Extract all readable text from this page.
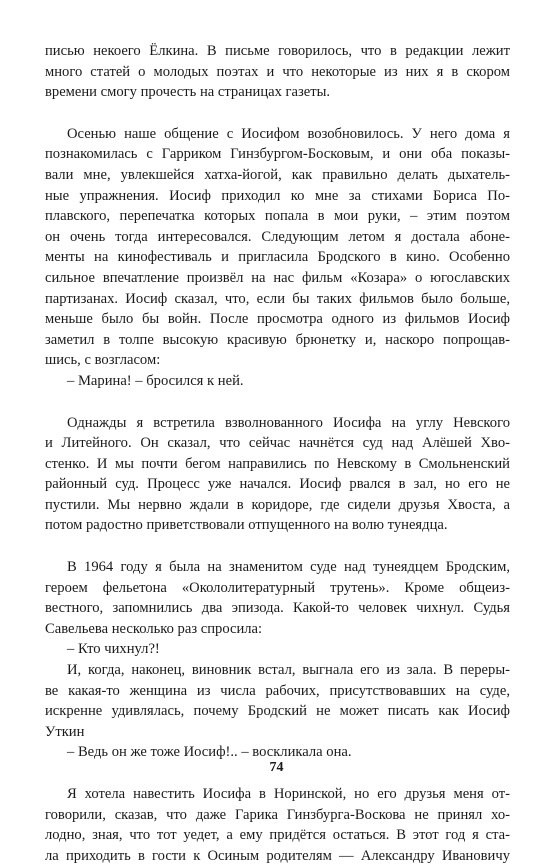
писью некоего Ёлкина. В письме говорилось, что в редакции лежит
много статей о молодых поэтах и что некоторые из них я в скором
времени смогу прочесть на страницах газеты.
Осенью наше общение с Иосифом возобновилось. У него дома я
познакомилась с Гарриком Гинзбургом-Босковым, и они оба показы-
вали мне, увлекшейся хатха-йогой, как правильно делать дыхатель-
ные упражнения. Иосиф приходил ко мне за стихами Бориса По-
плавского, перепечатка которых попала в мои руки, – этим поэтом
он очень тогда интересовался. Следующим летом я достала абоне-
менты на кинофестиваль и пригласила Бродского в кино. Особенно
сильное впечатление произвёл на нас фильм «Козара» о югославских
партизанах. Иосиф сказал, что, если бы таких фильмов было больше,
меньше было бы войн. После просмотра одного из фильмов Иосиф
заметил в толпе высокую красивую брюнетку и, наскоро попрощав-
шись, с возгласом:
– Марина! – бросился к ней.
Однажды я встретила взволнованного Иосифа на углу Невского
и Литейного. Он сказал, что сейчас начнётся суд над Алёшей Хво-
стенко. И мы почти бегом направились по Невскому в Смольненский
районный суд. Процесс уже начался. Иосиф рвался в зал, но его не
пустили. Мы нервно ждали в коридоре, где сидели друзья Хвоста, а
потом радостно приветствовали отпущенного на волю тунеядца.
В 1964 году я была на знаменитом суде над тунеядцем Бродским,
героем фельетона «Окололитературный трутень». Кроме общеиз-
вестного, запомнились два эпизода. Какой-то человек чихнул. Судья
Савельева несколько раз спросила:
– Кто чихнул?!
И, когда, наконец, виновник встал, выгнала его из зала. В переры-
ве какая-то женщина из числа рабочих, присутствовавших на суде,
искренне удивлялась, почему Бродский не может писать как Иосиф
Уткин
– Ведь он же тоже Иосиф!.. – воскликала она.
Я хотела навестить Иосифа в Норинской, но его друзья меня от-
говорили, сказав, что даже Гарика Гинзбурга-Воскова не принял хо-
лодно, зная, что тот уедет, а ему придётся остаться. В этот год я ста-
ла приходить в гости к Осиным родителям — Александру Ивановичу
74
